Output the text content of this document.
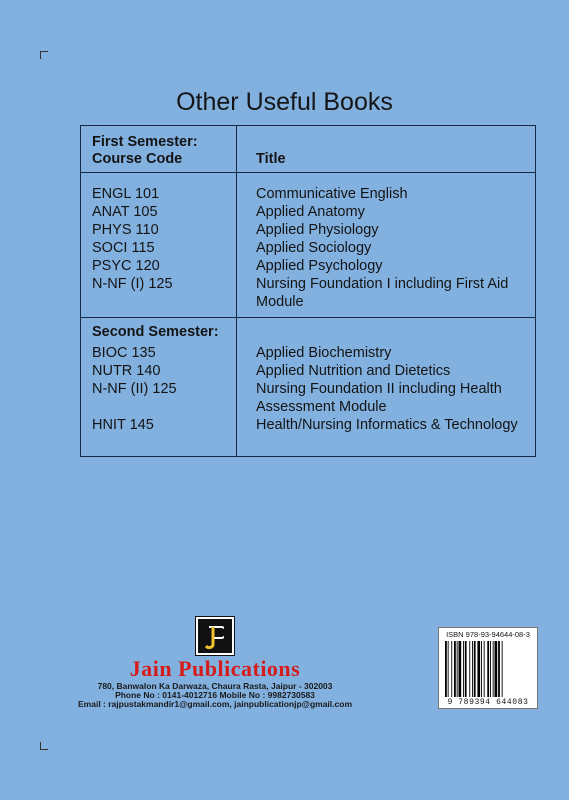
Other Useful Books
First Semester:
Course Code	Title
ENGL 101	Communicative English
ANAT 105	Applied Anatomy
PHYS 110	Applied Physiology
SOCI 115	Applied Sociology
PSYC 120	Applied Psychology
N-NF (I) 125	Nursing Foundation I including First Aid Module
Second Semester:
BIOC 135	Applied Biochemistry
NUTR 140	Applied Nutrition and Dietetics
N-NF (II) 125	Nursing Foundation II including Health Assessment Module
HNIT 145	Health/Nursing Informatics & Technology
Jain Publications
780, Banwalon Ka Darwaza, Chaura Rasta, Jaipur - 302003
Phone No : 0141-4012716 Mobile No : 9982730583
Email : rajpustakmandir1@gmail.com, jainpublicationjp@gmail.com
ISBN 978-93-94644-08-3
9 789394 644083
